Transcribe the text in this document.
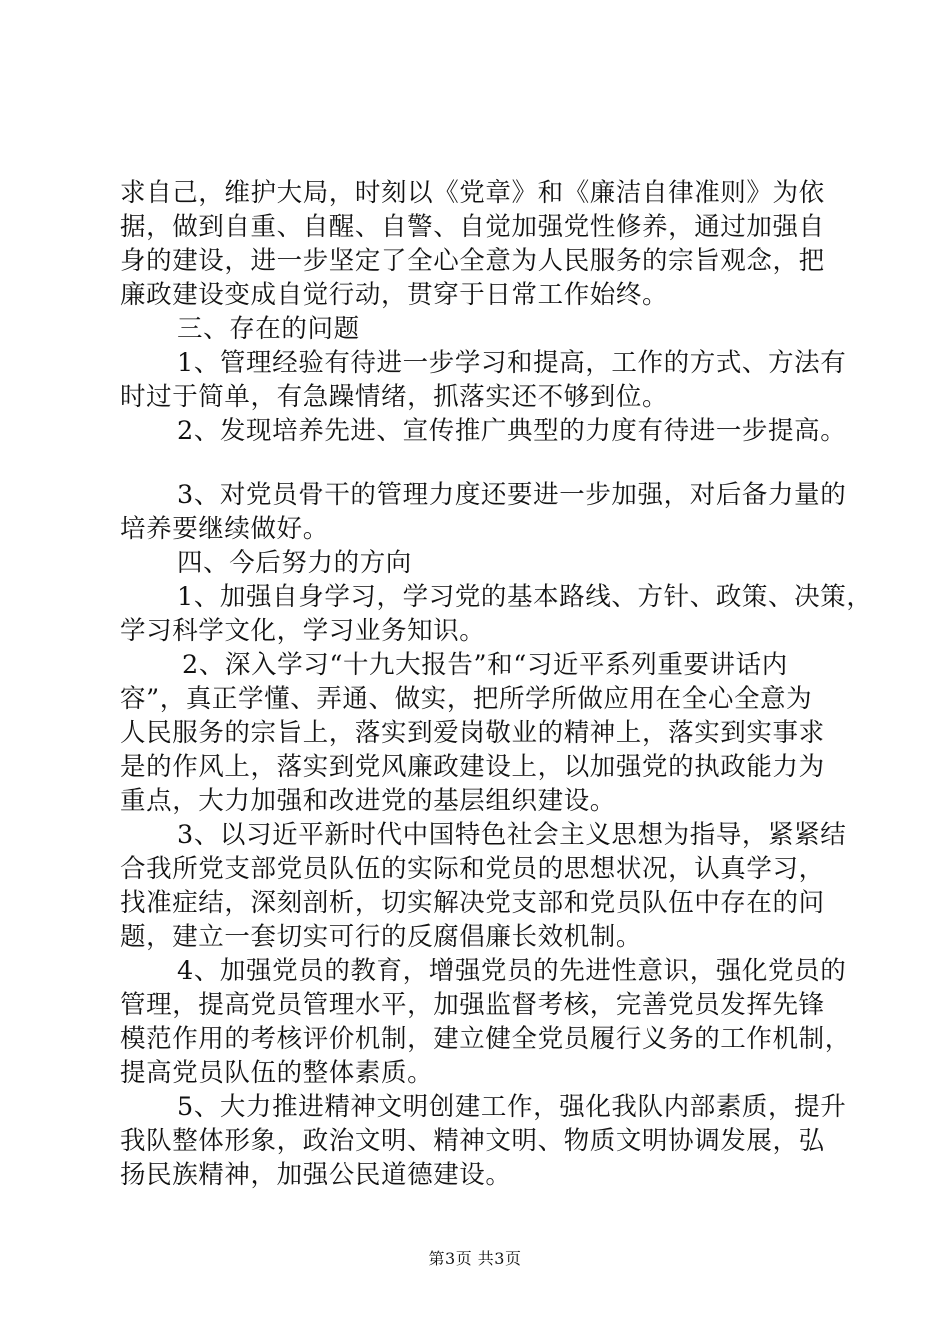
求自己，维护大局，时刻以《党章》和《廉洁自律准则》为依
据，做到自重、自醒、自警、自觉加强党性修养，通过加强自
身的建设，进一步坚定了全心全意为人民服务的宗旨观念，把
廉政建设变成自觉行动，贯穿于日常工作始终。
三、存在的问题
1、管理经验有待进一步学习和提高，工作的方式、方法有
时过于简单，有急躁情绪，抓落实还不够到位。
2、发现培养先进、宣传推广典型的力度有待进一步提高。
3、对党员骨干的管理力度还要进一步加强，对后备力量的
培养要继续做好。
四、今后努力的方向
1、加强自身学习，学习党的基本路线、方针、政策、决策，
学习科学文化，学习业务知识。
2、深入学习“十九大报告”和“习近平系列重要讲话内
容”，真正学懂、弄通、做实，把所学所做应用在全心全意为
人民服务的宗旨上，落实到爱岗敬业的精神上，落实到实事求
是的作风上，落实到党风廉政建设上，以加强党的执政能力为
重点，大力加强和改进党的基层组织建设。
3、以习近平新时代中国特色社会主义思想为指导，紧紧结
合我所党支部党员队伍的实际和党员的思想状况，认真学习，
找准症结，深刻剖析，切实解决党支部和党员队伍中存在的问
题，建立一套切实可行的反腐倡廉长效机制。
4、加强党员的教育，增强党员的先进性意识，强化党员的
管理，提高党员管理水平，加强监督考核，完善党员发挥先锋
模范作用的考核评价机制，建立健全党员履行义务的工作机制，
提高党员队伍的整体素质。
5、大力推进精神文明创建工作，强化我队内部素质，提升
我队整体形象，政治文明、精神文明、物质文明协调发展，弘
扬民族精神，加强公民道德建设。
第3页 共3页
